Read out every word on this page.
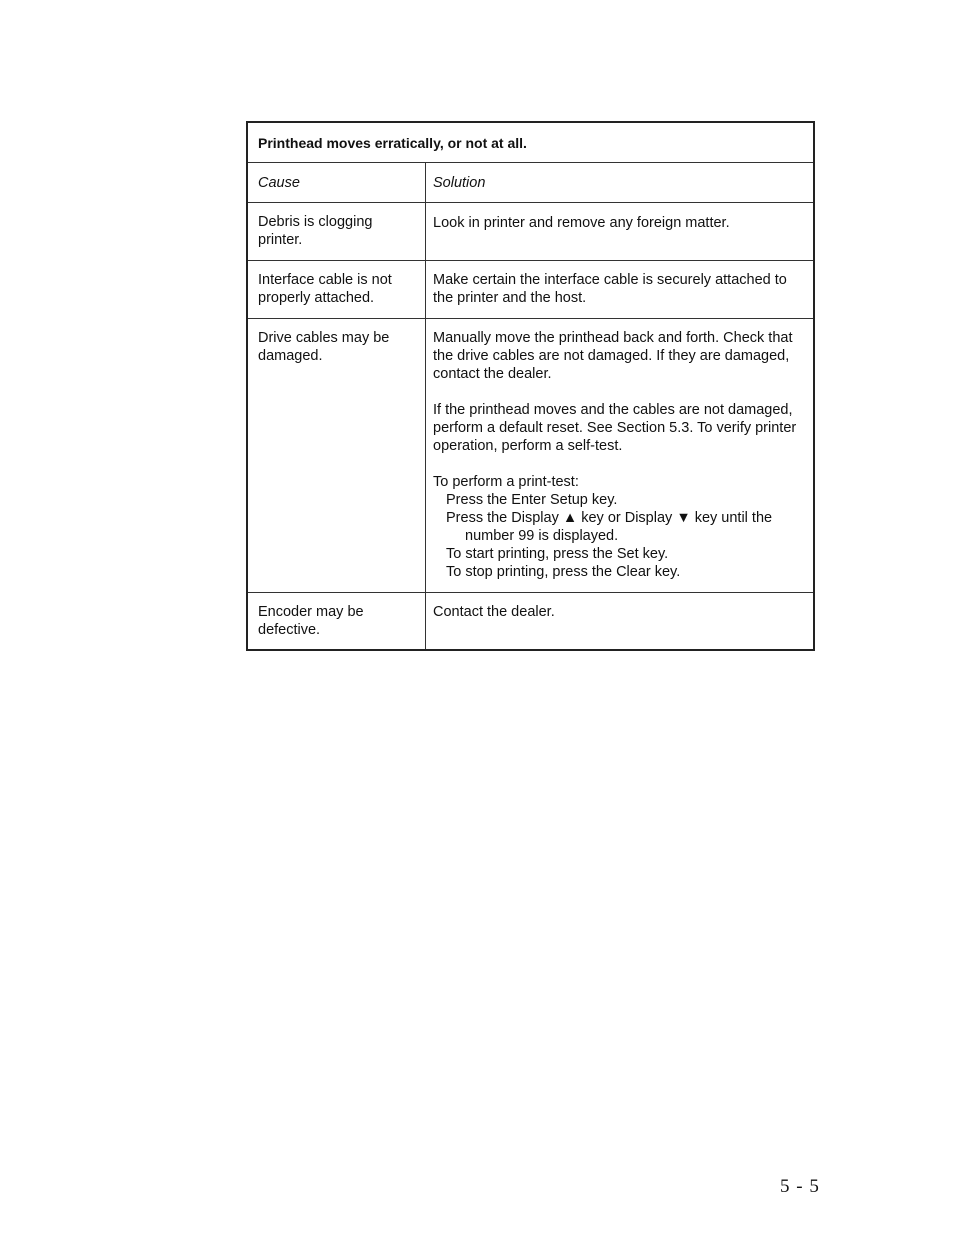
Printhead moves erratically, or not at all.
Cause	Solution
Debris is clogging printer.
Look in printer and remove any foreign matter.
Interface cable is not properly attached.
Make certain the interface cable is securely attached to the printer and the host.
Drive cables may be damaged.

Manually move the printhead back and forth. Check that the drive cables are not damaged. If they are damaged, contact the dealer.

If the printhead moves and the cables are not damaged, perform a default reset. See Section 5.3. To verify printer operation, perform a self-test.

To perform a print-test:
Press the Enter Setup key.
Press the Display ▲ key or Display ▼ key until the
number 99 is displayed.
To start printing, press the Set key.
To stop printing, press the Clear key.
Encoder may be defective.
Contact the dealer.
5 - 5
